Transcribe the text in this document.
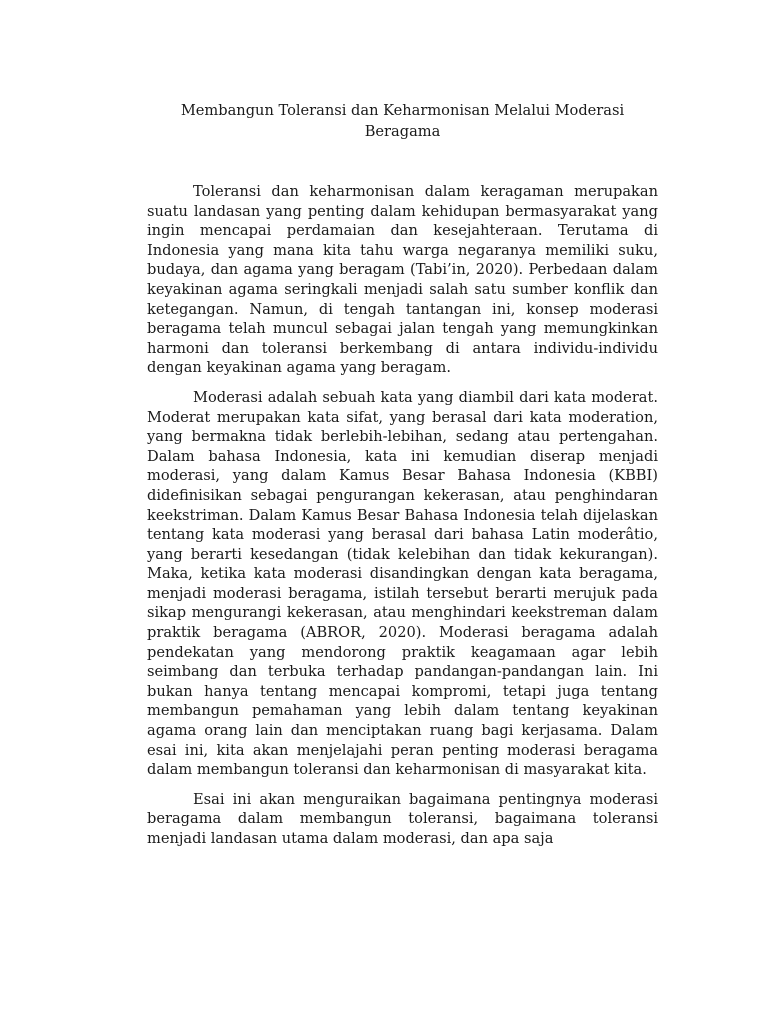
Membangun Toleransi dan Keharmonisan Melalui Moderasi Beragama

Toleransi dan keharmonisan dalam keragaman merupakan suatu landasan yang penting dalam kehidupan bermasyarakat yang ingin mencapai perdamaian dan kesejahteraan. Terutama di Indonesia yang mana kita tahu warga negaranya memiliki suku, budaya, dan agama yang beragam (Tabi’in, 2020). Perbedaan dalam keyakinan agama seringkali menjadi salah satu sumber konflik dan ketegangan. Namun, di tengah tantangan ini, konsep moderasi beragama telah muncul sebagai jalan tengah yang memungkinkan harmoni dan toleransi berkembang di antara individu-individu dengan keyakinan agama yang beragam.

Moderasi adalah sebuah kata yang diambil dari kata moderat. Moderat merupakan kata sifat, yang berasal dari kata moderation, yang bermakna tidak berlebih-lebihan, sedang atau pertengahan. Dalam bahasa Indonesia, kata ini kemudian diserap menjadi moderasi, yang dalam Kamus Besar Bahasa Indonesia (KBBI) didefinisikan sebagai pengurangan kekerasan, atau penghindaran keekstriman. Dalam Kamus Besar Bahasa Indonesia telah dijelaskan tentang kata moderasi yang berasal dari bahasa Latin moderâtio, yang berarti kesedangan (tidak kelebihan dan tidak kekurangan). Maka, ketika kata moderasi disandingkan dengan kata beragama, menjadi moderasi beragama, istilah tersebut berarti merujuk pada sikap mengurangi kekerasan, atau menghindari keekstreman dalam praktik beragama (ABROR, 2020). Moderasi beragama adalah pendekatan yang mendorong praktik keagamaan agar lebih seimbang dan terbuka terhadap pandangan-pandangan lain. Ini bukan hanya tentang mencapai kompromi, tetapi juga tentang membangun pemahaman yang lebih dalam tentang keyakinan agama orang lain dan menciptakan ruang bagi kerjasama. Dalam esai ini, kita akan menjelajahi peran penting moderasi beragama dalam membangun toleransi dan keharmonisan di masyarakat kita.

Esai ini akan menguraikan bagaimana pentingnya moderasi beragama dalam membangun toleransi, bagaimana toleransi menjadi landasan utama dalam moderasi, dan apa saja
